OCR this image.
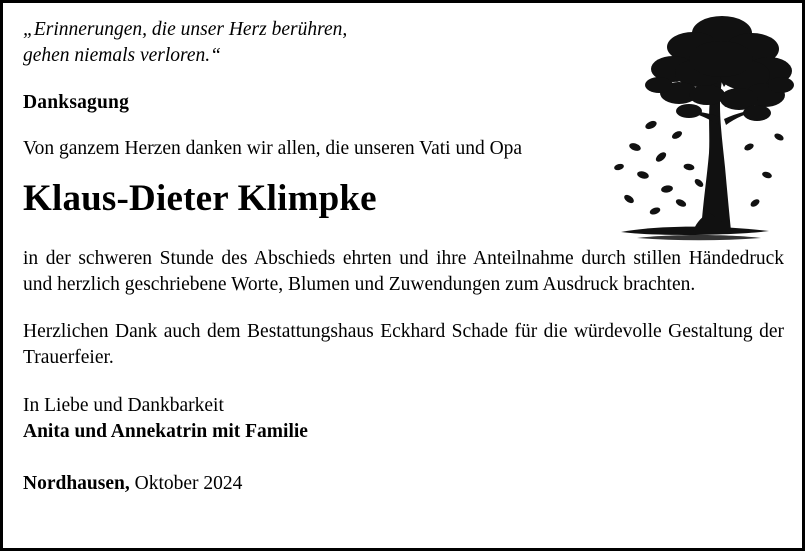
„Erinnerungen, die unser Herz berühren,
gehen niemals verloren.“
Danksagung
Von ganzem Herzen danken wir allen, die unseren Vati und Opa
Klaus-Dieter Klimpke
in der schweren Stunde des Abschieds ehrten und ihre Anteilnahme durch stillen Händedruck und herzlich geschriebene Worte, Blumen und Zuwendungen zum Ausdruck brachten.
Herzlichen Dank auch dem Bestattungshaus Eckhard Schade für die würdevolle Gestaltung der Trauerfeier.
In Liebe und Dankbarkeit
Anita und Annekatrin mit Familie
Nordhausen, Oktober 2024
